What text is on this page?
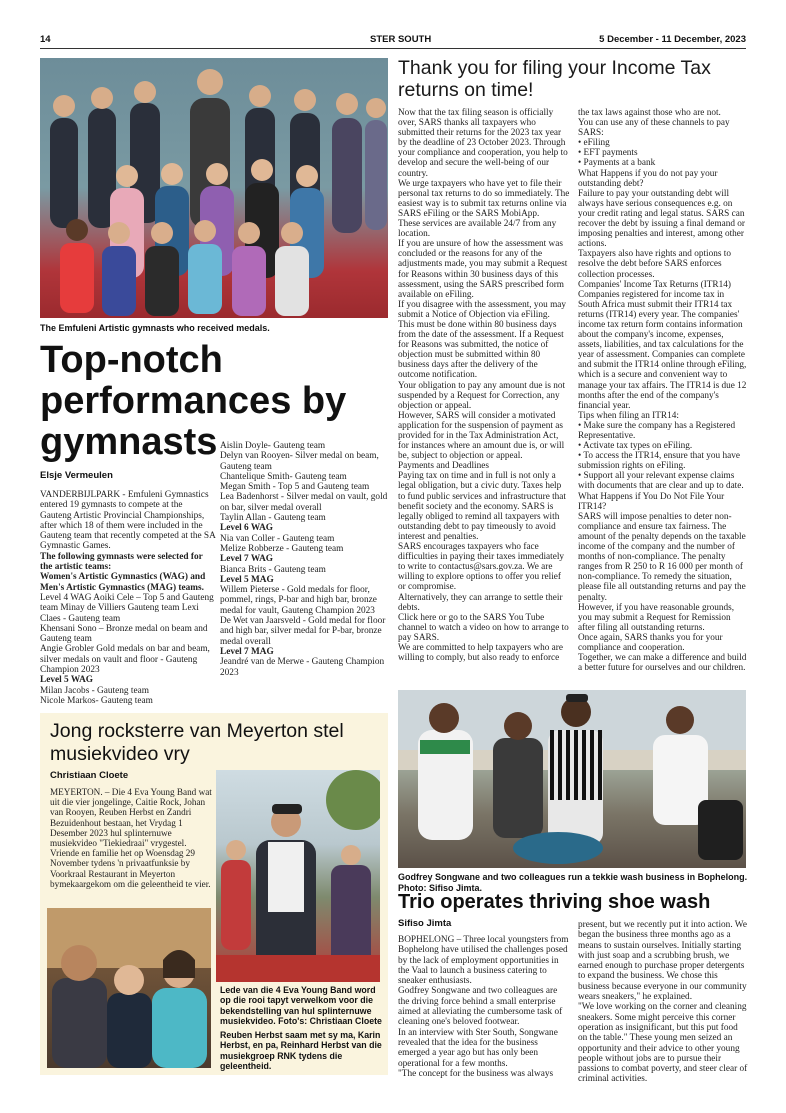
14	STER SOUTH	5 December - 11 December, 2023
The Emfuleni Artistic gymnasts who received medals.
Top-notch performances by gymnasts
Elsje Vermeulen

VANDERBIJLPARK - Emfuleni Gymnastics entered 19 gymnasts to compete at the Gauteng Artistic Provincial Championships, after which 18 of them were included in the Gauteng team that recently competed at the SA Gymnastic Games.

The following gymnasts were selected for the artistic teams:

Women's Artistic Gymnastics (WAG) and Men's Artistic Gymnastics (MAG) teams.

Level 4 WAG Aoiki Cele – Top 5 and Gauteng team Minay de Villiers Gauteng team Lexi Claes - Gauteng team

Khensani Sono – Bronze medal on beam and Gauteng team

Angie Grobler Gold medals on bar and beam, silver medals on vault and floor - Gauteng Champion 2023

Level 5 WAG

Milan Jacobs - Gauteng team

Nicole Markos- Gauteng team

Aislin Doyle- Gauteng team

Delyn van Rooyen- Silver medal on beam, Gauteng team

Chantelique Smith- Gauteng team

Megan Smith - Top 5 and Gauteng team

Lea Badenhorst - Silver medal on vault, gold on bar, silver medal overall

Taylin Allan - Gauteng team

Level 6 WAG

Nia van Coller - Gauteng team

Melize Robberze - Gauteng team

Level 7 WAG

Bianca Brits - Gauteng team

Level 5 MAG

Willem Pieterse - Gold medals for floor, pommel, rings, P-bar and high bar, bronze medal for vault, Gauteng Champion 2023

De Wet van Jaarsveld - Gold medal for floor and high bar, silver medal for P-bar, bronze medal overall

Level 7 MAG

Jeandré van de Merwe - Gauteng Champion 2023

Thank you for filing your Income Tax returns on time!

Now that the tax filing season is officially over, SARS thanks all taxpayers who submitted their returns for the 2023 tax year by the deadline of 23 October 2023. Through your compliance and cooperation, you help to develop and secure the well-being of our country.

We urge taxpayers who have yet to file their personal tax returns to do so immediately. The easiest way is to submit tax returns online via SARS eFiling or the SARS MobiApp.

These services are available 24/7 from any location.

If you are unsure of how the assessment was concluded or the reasons for any of the adjustments made, you may submit a Request for Reasons within 30 business days of this assessment, using the SARS prescribed form available on eFiling.

If you disagree with the assessment, you may submit a Notice of Objection via eFiling.

This must be done within 80 business days from the date of the assessment. If a Request for Reasons was submitted, the notice of objection must be submitted within 80 business days after the delivery of the outcome notification.

Your obligation to pay any amount due is not suspended by a Request for Correction, any objection or appeal.

However, SARS will consider a motivated application for the suspension of payment as provided for in the Tax Administration Act, for instances where an amount due is, or will be, subject to objection or appeal.

Payments and Deadlines

Paying tax on time and in full is not only a legal obligation, but a civic duty. Taxes help to fund public services and infrastructure that benefit society and the economy. SARS is legally obliged to remind all taxpayers with outstanding debt to pay timeously to avoid interest and penalties.

SARS encourages taxpayers who face difficulties in paying their taxes immediately to write to contactus@sars.gov.za. We are willing to explore options to offer you relief or compromise.

Alternatively, they can arrange to settle their debts.

Click here or go to the SARS You Tube channel to watch a video on how to arrange to pay SARS.

We are committed to help taxpayers who are willing to comply, but also ready to enforce

the tax laws against those who are not.

You can use any of these channels to pay SARS:

• eFiling

• EFT payments

• Payments at a bank

What Happens if you do not pay your outstanding debt?

Failure to pay your outstanding debt will always have serious consequences e.g. on your credit rating and legal status. SARS can recover the debt by issuing a final demand or imposing penalties and interest, among other actions.

Taxpayers also have rights and options to resolve the debt before SARS enforces collection processes.

Companies' Income Tax Returns (ITR14)

Companies registered for income tax in South Africa must submit their ITR14 tax returns (ITR14) every year. The companies' income tax return form contains information about the company's income, expenses, assets, liabilities, and tax calculations for the year of assessment. Companies can complete and submit the ITR14 online through eFiling, which is a secure and convenient way to manage your tax affairs. The ITR14 is due 12 months after the end of the company's financial year.

Tips when filing an ITR14:

• Make sure the company has a Registered Representative.

• Activate tax types on eFiling.

• To access the ITR14, ensure that you have submission rights on eFiling.

• Support all your relevant expense claims with documents that are clear and up to date.

What Happens if You Do Not File Your ITR14?

SARS will impose penalties to deter non-compliance and ensure tax fairness. The amount of the penalty depends on the taxable income of the company and the number of months of non-compliance. The penalty ranges from R 250 to R 16 000 per month of non-compliance. To remedy the situation, please file all outstanding returns and pay the penalty.

However, if you have reasonable grounds, you may submit a Request for Remission after filing all outstanding returns.

Once again, SARS thanks you for your compliance and cooperation.

Together, we can make a difference and build a better future for ourselves and our children.

Jong rocksterre van Meyerton stel musiekvideo vry
Christiaan Cloete
MEYERTON. – Die 4 Eva Young Band wat uit die vier jongelinge, Caitie Rock, Johan van Rooyen, Reuben Herbst en Zandri Bezuidenhout bestaan, het Vrydag 1 Desember 2023 hul splinternuwe musiekvideo "Tiekiedraai" vrygestel. Vriende en familie het op Woensdag 29 November tydens 'n privaatfunksie by Voorkraal Restaurant in Meyerton bymekaargekom om die geleentheid te vier.
Lede van die 4 Eva Young Band word op die rooi tapyt verwelkom voor die bekendstelling van hul splinternuwe musiekvideo. Foto's: Christiaan Cloete
Reuben Herbst saam met sy ma, Karin Herbst, en pa, Reinhard Herbst van die musiekgroep RNK tydens die geleentheid.
Godfrey Songwane and two colleagues run a tekkie wash business in Bophelong. Photo: Sifiso Jimta.
Trio operates thriving shoe wash
Sifiso Jimta

BOPHELONG – Three local youngsters from Bophelong have utilised the challenges posed by the lack of employment opportunities in the Vaal to launch a business catering to sneaker enthusiasts.

Godfrey Songwane and two colleagues are the driving force behind a small enterprise aimed at alleviating the cumbersome task of cleaning one's beloved footwear.

In an interview with Ster South, Songwane revealed that the idea for the business emerged a year ago but has only been operational for a few months.

"The concept for the business was always

present, but we recently put it into action. We began the business three months ago as a means to sustain ourselves. Initially starting with just soap and a scrubbing brush, we earned enough to purchase proper detergents to expand the business. We chose this business because everyone in our community wears sneakers," he explained.

"We love working on the corner and cleaning sneakers. Some might perceive this corner operation as insignificant, but this put food on the table." These young men seized an opportunity and their advice to other young people without jobs are to pursue their passions to combat poverty, and steer clear of criminal activities.
